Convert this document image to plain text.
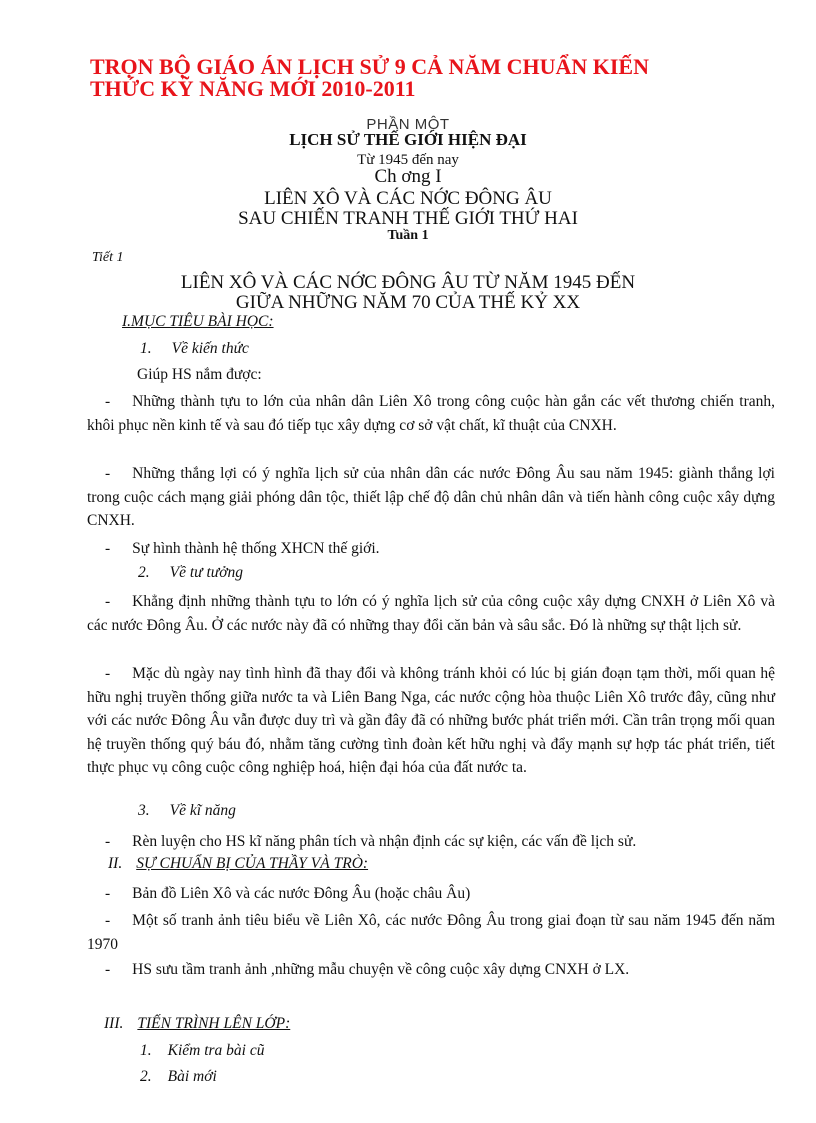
TRỌN BỘ GIÁO ÁN LỊCH SỬ 9 CẢ NĂM CHUẨN KIẾN
THỨC KỸ NĂNG MỚI 2010-2011
PHẦN MỘT
LỊCH SỬ THẾ GIỚI HIỆN ĐẠI
Từ 1945 đến nay
Ch ơng I
LIÊN XÔ VÀ CÁC NỚC ĐÔNG ÂU
SAU CHIẾN TRANH THẾ GIỚI THỨ HAI
Tuần 1
Tiết 1
LIÊN XÔ VÀ CÁC NỚC ĐÔNG ÂU TỪ NĂM 1945 ĐẾN
GIỮA NHỮNG NĂM 70 CỦA THẾ KỶ XX
I.MỤC TIÊU BÀI HỌC:
1. Về kiến thức
Giúp HS nắm được:
- Những thành tựu to lớn của nhân dân Liên Xô trong công cuộc hàn gắn các vết thương chiến tranh, khôi phục nền kinh tế và sau đó tiếp tục xây dựng cơ sở vật chất, kĩ thuật của CNXH.
- Những thắng lợi có ý nghĩa lịch sử của nhân dân các nước Đông Âu sau năm 1945: giành thắng lợi trong cuộc cách mạng giải phóng dân tộc, thiết lập chế độ dân chủ nhân dân và tiến hành công cuộc xây dựng CNXH.
- Sự hình thành hệ thống XHCN thế giới.
2. Về tư tưởng
- Khẳng định những thành tựu to lớn có ý nghĩa lịch sử của công cuộc xây dựng CNXH ở Liên Xô và các nước Đông Âu. Ở các nước này đã có những thay đổi căn bản và sâu sắc. Đó là những sự thật lịch sử.
- Mặc dù ngày nay tình hình đã thay đổi và không tránh khỏi có lúc bị gián đoạn tạm thời, mối quan hệ hữu nghị truyền thống giữa nước ta và Liên Bang Nga, các nước cộng hòa thuộc Liên Xô trước đây, cũng như với các nước Đông Âu vẫn được duy trì và gần đây đã có những bước phát triển mới. Cần trân trọng mối quan hệ truyền thống quý báu đó, nhằm tăng cường tình đoàn kết hữu nghị và đẩy mạnh sự hợp tác phát triển, tiết thực phục vụ công cuộc công nghiệp hoá, hiện đại hóa của đất nước ta.
3. Về kĩ năng
- Rèn luyện cho HS kĩ năng phân tích và nhận định các sự kiện, các vấn đề lịch sử.
II. SỰ CHUẨN BỊ CỦA THẦY VÀ TRÒ:
- Bản đồ Liên Xô và các nước Đông Âu (hoặc châu Âu)
- Một số tranh ảnh tiêu biểu về Liên Xô, các nước Đông Âu trong giai đoạn từ sau năm 1945 đến năm 1970
- HS sưu tầm tranh ảnh ,những mẫu chuyện về công cuộc xây dựng CNXH ở LX.
III. TIẾN TRÌNH LÊN LỚP:
1. Kiểm tra bài cũ
2. Bài mới
